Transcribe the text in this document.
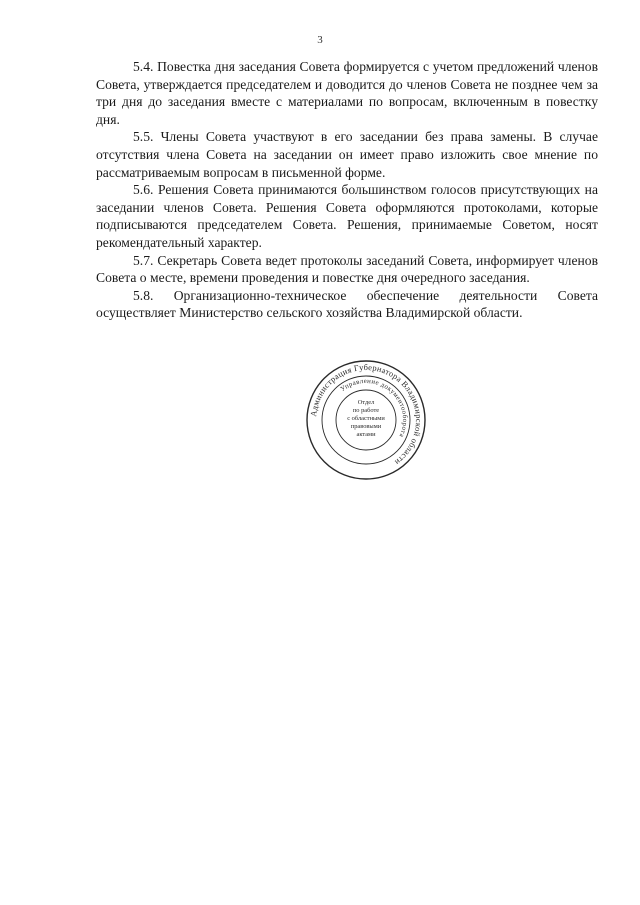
3

5.4. Повестка дня заседания Совета формируется с учетом предложений членов Совета, утверждается председателем и доводится до членов Совета не позднее чем за три дня до заседания вместе с материалами по вопросам, включенным в повестку дня.

5.5. Члены Совета участвуют в его заседании без права замены. В случае отсутствия члена Совета на заседании он имеет право изложить свое мнение по рассматриваемым вопросам в письменной форме.

5.6. Решения Совета принимаются большинством голосов присутствующих на заседании членов Совета. Решения Совета оформляются протоколами, которые подписываются председателем Совета. Решения, принимаемые Советом, носят рекомендательный характер.

5.7. Секретарь Совета ведет протоколы заседаний Совета, информирует членов Совета о месте, времени проведения и повестке дня очередного заседания.

5.8. Организационно-техническое обеспечение деятельности Совета осуществляет Министерство сельского хозяйства Владимирской области.

Администрация Губернатора Владимирской области
Управление документооборота
Отдел
по работе
с областными
правовыми
актами
